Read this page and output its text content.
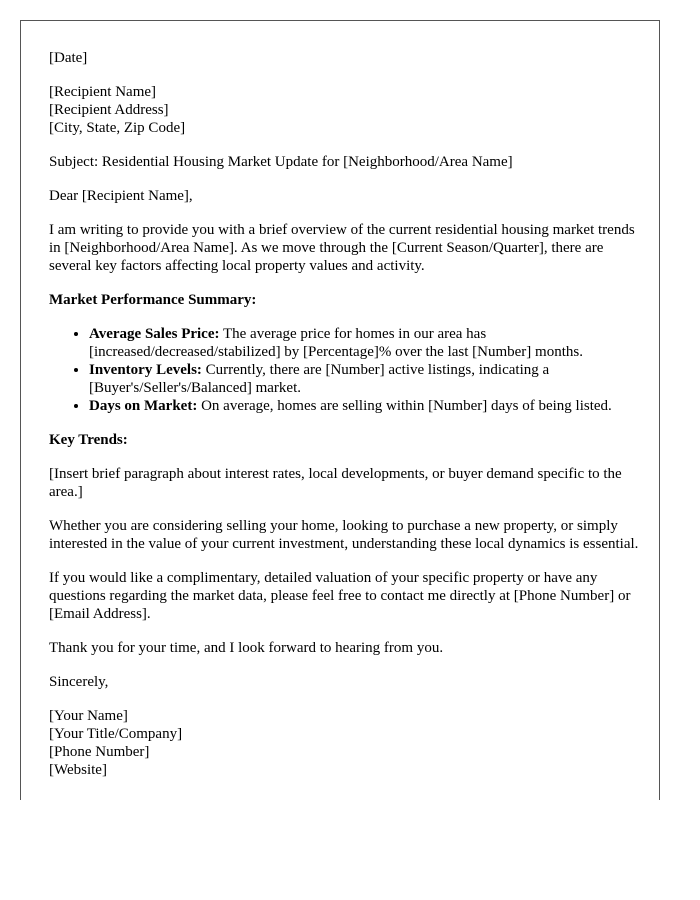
[Date]

[Recipient Name]

[Recipient Address]

[City, State, Zip Code]

Subject: Residential Housing Market Update for [Neighborhood/Area Name]

Dear [Recipient Name],

I am writing to provide you with a brief overview of the current residential housing market trends in [Neighborhood/Area Name]. As we move through the [Current Season/Quarter], there are several key factors affecting local property values and activity.

Market Performance Summary:

• Average Sales Price: The average price for homes in our area has [increased/decreased/stabilized] by [Percentage]% over the last [Number] months.
• Inventory Levels: Currently, there are [Number] active listings, indicating a [Buyer's/Seller's/Balanced] market.
• Days on Market: On average, homes are selling within [Number] days of being listed.

Key Trends:

[Insert brief paragraph about interest rates, local developments, or buyer demand specific to the area.]

Whether you are considering selling your home, looking to purchase a new property, or simply interested in the value of your current investment, understanding these local dynamics is essential.

If you would like a complimentary, detailed valuation of your specific property or have any questions regarding the market data, please feel free to contact me directly at [Phone Number] or [Email Address].

Thank you for your time, and I look forward to hearing from you.

Sincerely,

[Your Name]

[Your Title/Company]

[Phone Number]

[Website]
